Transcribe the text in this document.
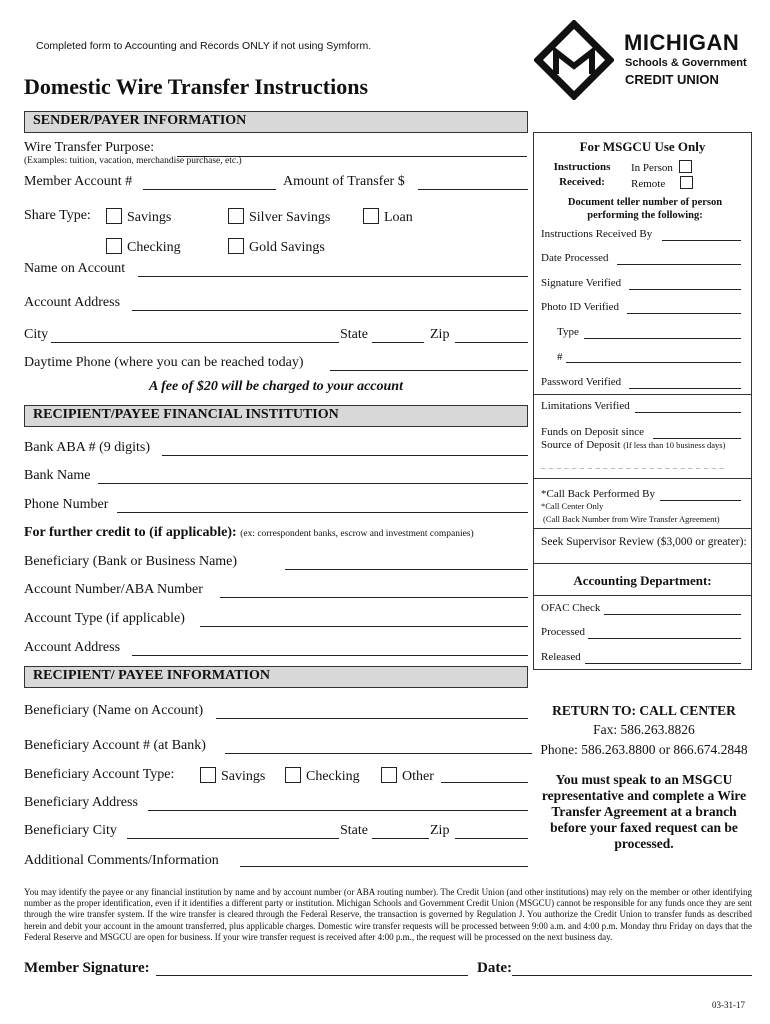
Completed form to Accounting and Records ONLY if not using Symform.
Domestic Wire Transfer Instructions
MICHIGAN
Schools & Government
CREDIT UNION
SENDER/PAYER INFORMATION
Wire Transfer Purpose:
(Examples: tuition, vacation, merchandise purchase, etc.)
Member Account #	Amount of Transfer $
Share Type:	Savings	Silver Savings	Loan
Checking	Gold Savings
Name on Account
Account Address
City	State	Zip
Daytime Phone (where you can be reached today)
A fee of $20 will be charged to your account
RECIPIENT/PAYEE FINANCIAL INSTITUTION
Bank ABA # (9 digits)
Bank Name
Phone Number
For further credit to (if applicable): (ex: correspondent banks, escrow and investment companies)
Beneficiary (Bank or Business Name)
Account Number/ABA Number
Account Type (if applicable)
Account Address
RECIPIENT/ PAYEE INFORMATION
Beneficiary (Name on Account)
Beneficiary Account # (at Bank)
Beneficiary Account Type:	Savings	Checking	Other
Beneficiary Address
Beneficiary City	State	Zip
Additional Comments/Information
For MSGCU Use Only
Instructions Received:
In Person
Remote
Document teller number of person performing the following:
Instructions Received By
Date Processed
Signature Verified
Photo ID Verified
Type
#
Password Verified
Limitations Verified
Funds on Deposit since
Source of Deposit (If less than 10 business days)
_ _ _ _ _ _ _ _ _ _ _ _ _ _ _ _ _ _ _ _ _ _ _ _
*Call Back Performed By
*Call Center Only
(Call Back Number from Wire Transfer Agreement)
Seek Supervisor Review ($3,000 or greater):
Accounting Department:
OFAC Check
Processed
Released
RETURN TO: CALL CENTER
Fax: 586.263.8826
Phone: 586.263.8800 or 866.674.2848
You must speak to an MSGCU representative and complete a Wire Transfer Agreement at a branch before your faxed request can be processed.
You may identify the payee or any financial institution by name and by account number (or ABA routing number). The Credit Union (and other institutions) may rely on the member or other identifying number as the proper identification, even if it identifies a different party or institution. Michigan Schools and Government Credit Union (MSGCU) cannot be responsible for any funds once they are sent through the wire transfer system. If the wire transfer is cleared through the Federal Reserve, the transaction is governed by Regulation J. You authorize the Credit Union to transfer funds as described herein and debit your account in the amount transferred, plus applicable charges. Domestic wire transfer requests will be processed between 9:00 a.m. and 4:00 p.m. Monday thru Friday on days that the Federal Reserve and MSGCU are open for business. If your wire transfer request is received after 4:00 p.m., the request will be processed on the next business day.
Member Signature:	Date:
03-31-17
